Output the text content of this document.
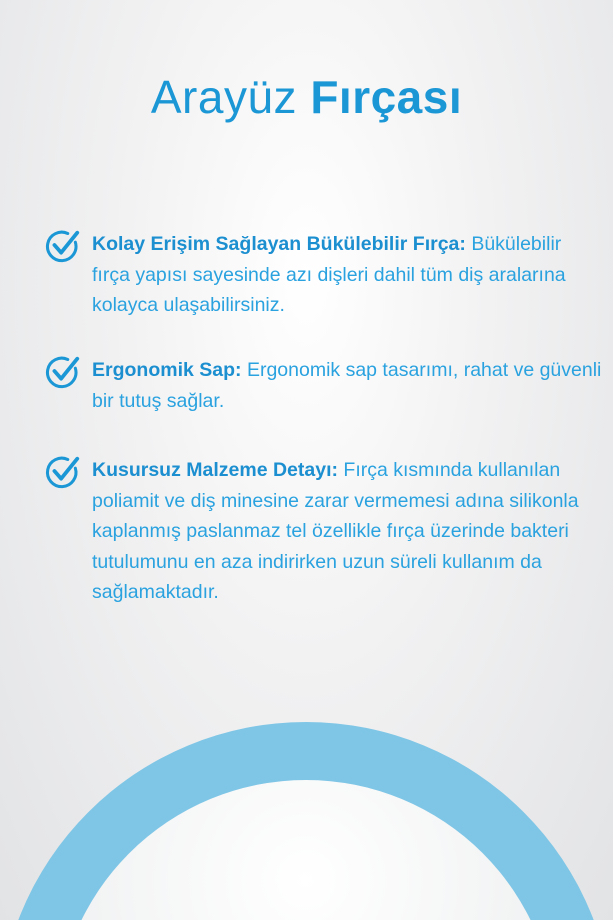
Arayüz Fırçası

Kolay Erişim Sağlayan Bükülebilir Fırça: Bükülebilir fırça yapısı sayesinde azı dişleri dahil tüm diş aralarına kolayca ulaşabilirsiniz.

Ergonomik Sap: Ergonomik sap tasarımı, rahat ve güvenli bir tutuş sağlar.

Kusursuz Malzeme Detayı: Fırça kısmında kullanılan poliamit ve diş minesine zarar vermemesi adına silikonla kaplanmış paslanmaz tel özellikle fırça üzerinde bakteri tutulumunu en aza indirirken uzun süreli kullanım da sağlamaktadır.
